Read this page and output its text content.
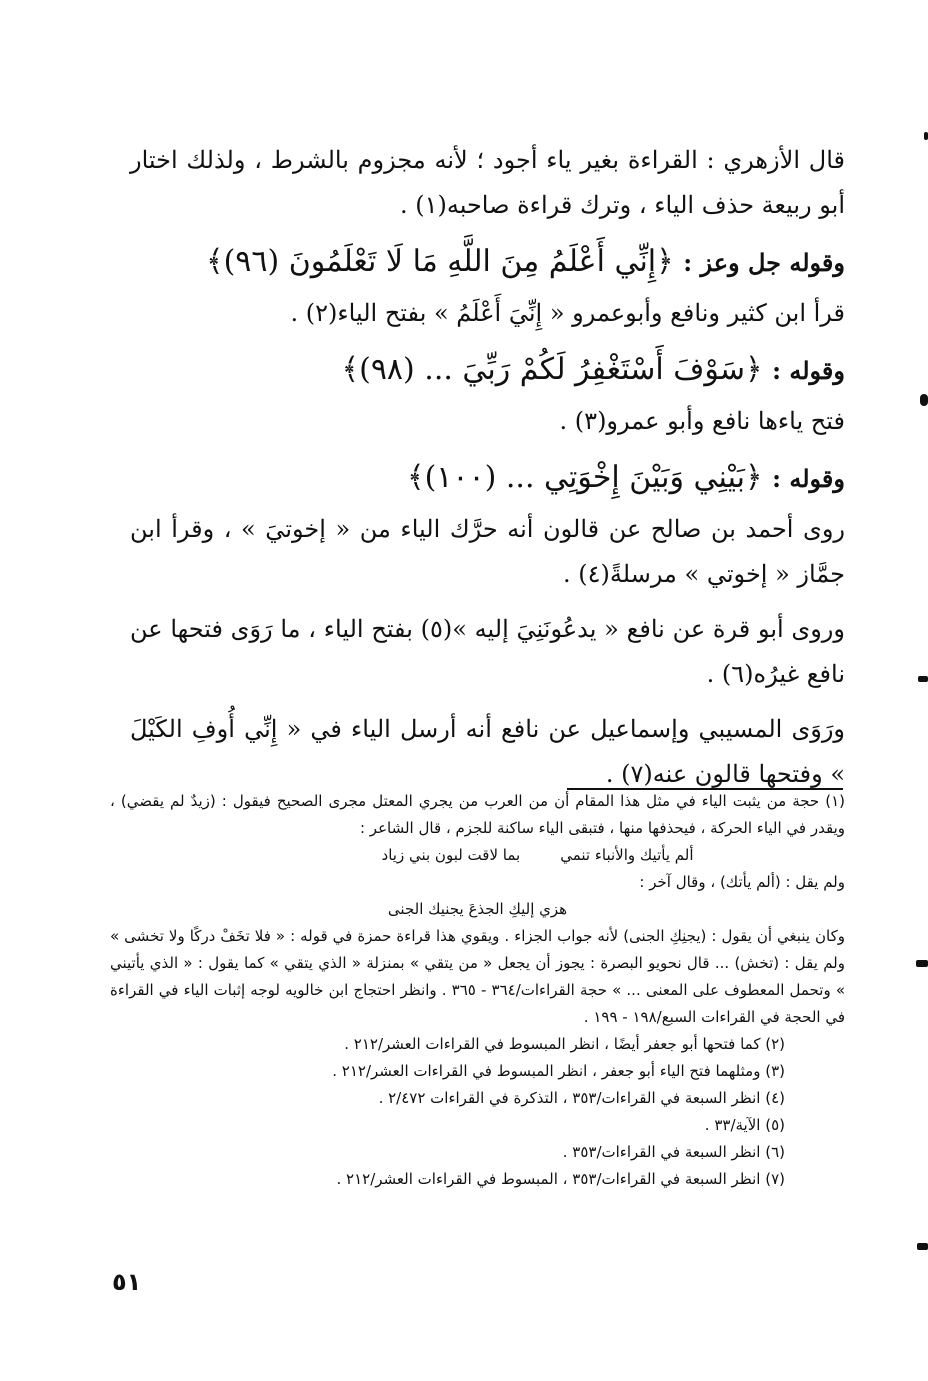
قال الأزهري : القراءة بغير ياء أجود ؛ لأنه مجزوم بالشرط ، ولذلك اختار أبو ربيعة حذف الياء ، وترك قراءة صاحبه(١) .

وقوله جل وعز : ﴿إِنِّي أَعْلَمُ مِنَ اللَّهِ مَا لَا تَعْلَمُونَ (٩٦)﴾

قرأ ابن كثير ونافع وأبوعمرو « إِنِّيَ أَعْلَمُ » بفتح الياء(٢) .

وقوله : ﴿سَوْفَ أَسْتَغْفِرُ لَكُمْ رَبِّيَ ... (٩٨)﴾

فتح ياءها نافع وأبو عمرو(٣) .

وقوله : ﴿بَيْنِي وَبَيْنَ إِخْوَتِي ... (١٠٠)﴾

روى أحمد بن صالح عن قالون أنه حرَّك الياء من « إخوتيَ » ، وقرأ ابن جمَّاز « إخوتي » مرسلةً(٤) .

وروى أبو قرة عن نافع « يدعُونَنِيَ إليه »(٥) بفتح الياء ، ما رَوَى فتحها عن نافع غيرُه(٦) .

ورَوَى المسيبي وإسماعيل عن نافع أنه أرسل الياء في « إِنِّي أُوفِ الكَيْلَ » وفتحها قالون عنه(٧) .

(١) حجة من يثبت الياء في مثل هذا المقام أن من العرب من يجري المعتل مجرى الصحيح فيقول : (زيدٌ لم يقضي) ، ويقدر في الياء الحركة ، فيحذفها منها ، فتبقى الياء ساكنة للجزم ، قال الشاعر :

ألم يأتيك والأنباء تنمي
بما لاقت لبون بني زياد

ولم يقل : (ألم يأتك) ، وقال آخر :

هزي إليكِ الجذعَ يجنيك الجنى

وكان ينبغي أن يقول : (يجنِكِ الجنى) لأنه جواب الجزاء . ويقوي هذا قراءة حمزة في قوله : « فلا تخَفْ دركًا ولا تخشى » ولم يقل : (تخش) ... قال نحويو البصرة : يجوز أن يجعل « من يتقي » بمنزلة « الذي يتقي » كما يقول : « الذي يأتيني » وتحمل المعطوف على المعنى ... » حجة القراءات/٣٦٤ - ٣٦٥ . وانظر احتجاج ابن خالويه لوجه إثبات الياء في القراءة في الحجة في القراءات السبع/١٩٨ - ١٩٩ .

(٢) كما فتحها أبو جعفر أيضًا ، انظر المبسوط في القراءات العشر/٢١٢ .

(٣) ومثلهما فتح الياء أبو جعفر ، انظر المبسوط في القراءات العشر/٢١٢ .

(٤) انظر السبعة في القراءات/٣٥٣ ، التذكرة في القراءات ٢/٤٧٢ .

(٥) الآية/٣٣ .

(٦) انظر السبعة في القراءات/٣٥٣ .

(٧) انظر السبعة في القراءات/٣٥٣ ، المبسوط في القراءات العشر/٢١٢ .

٥١
